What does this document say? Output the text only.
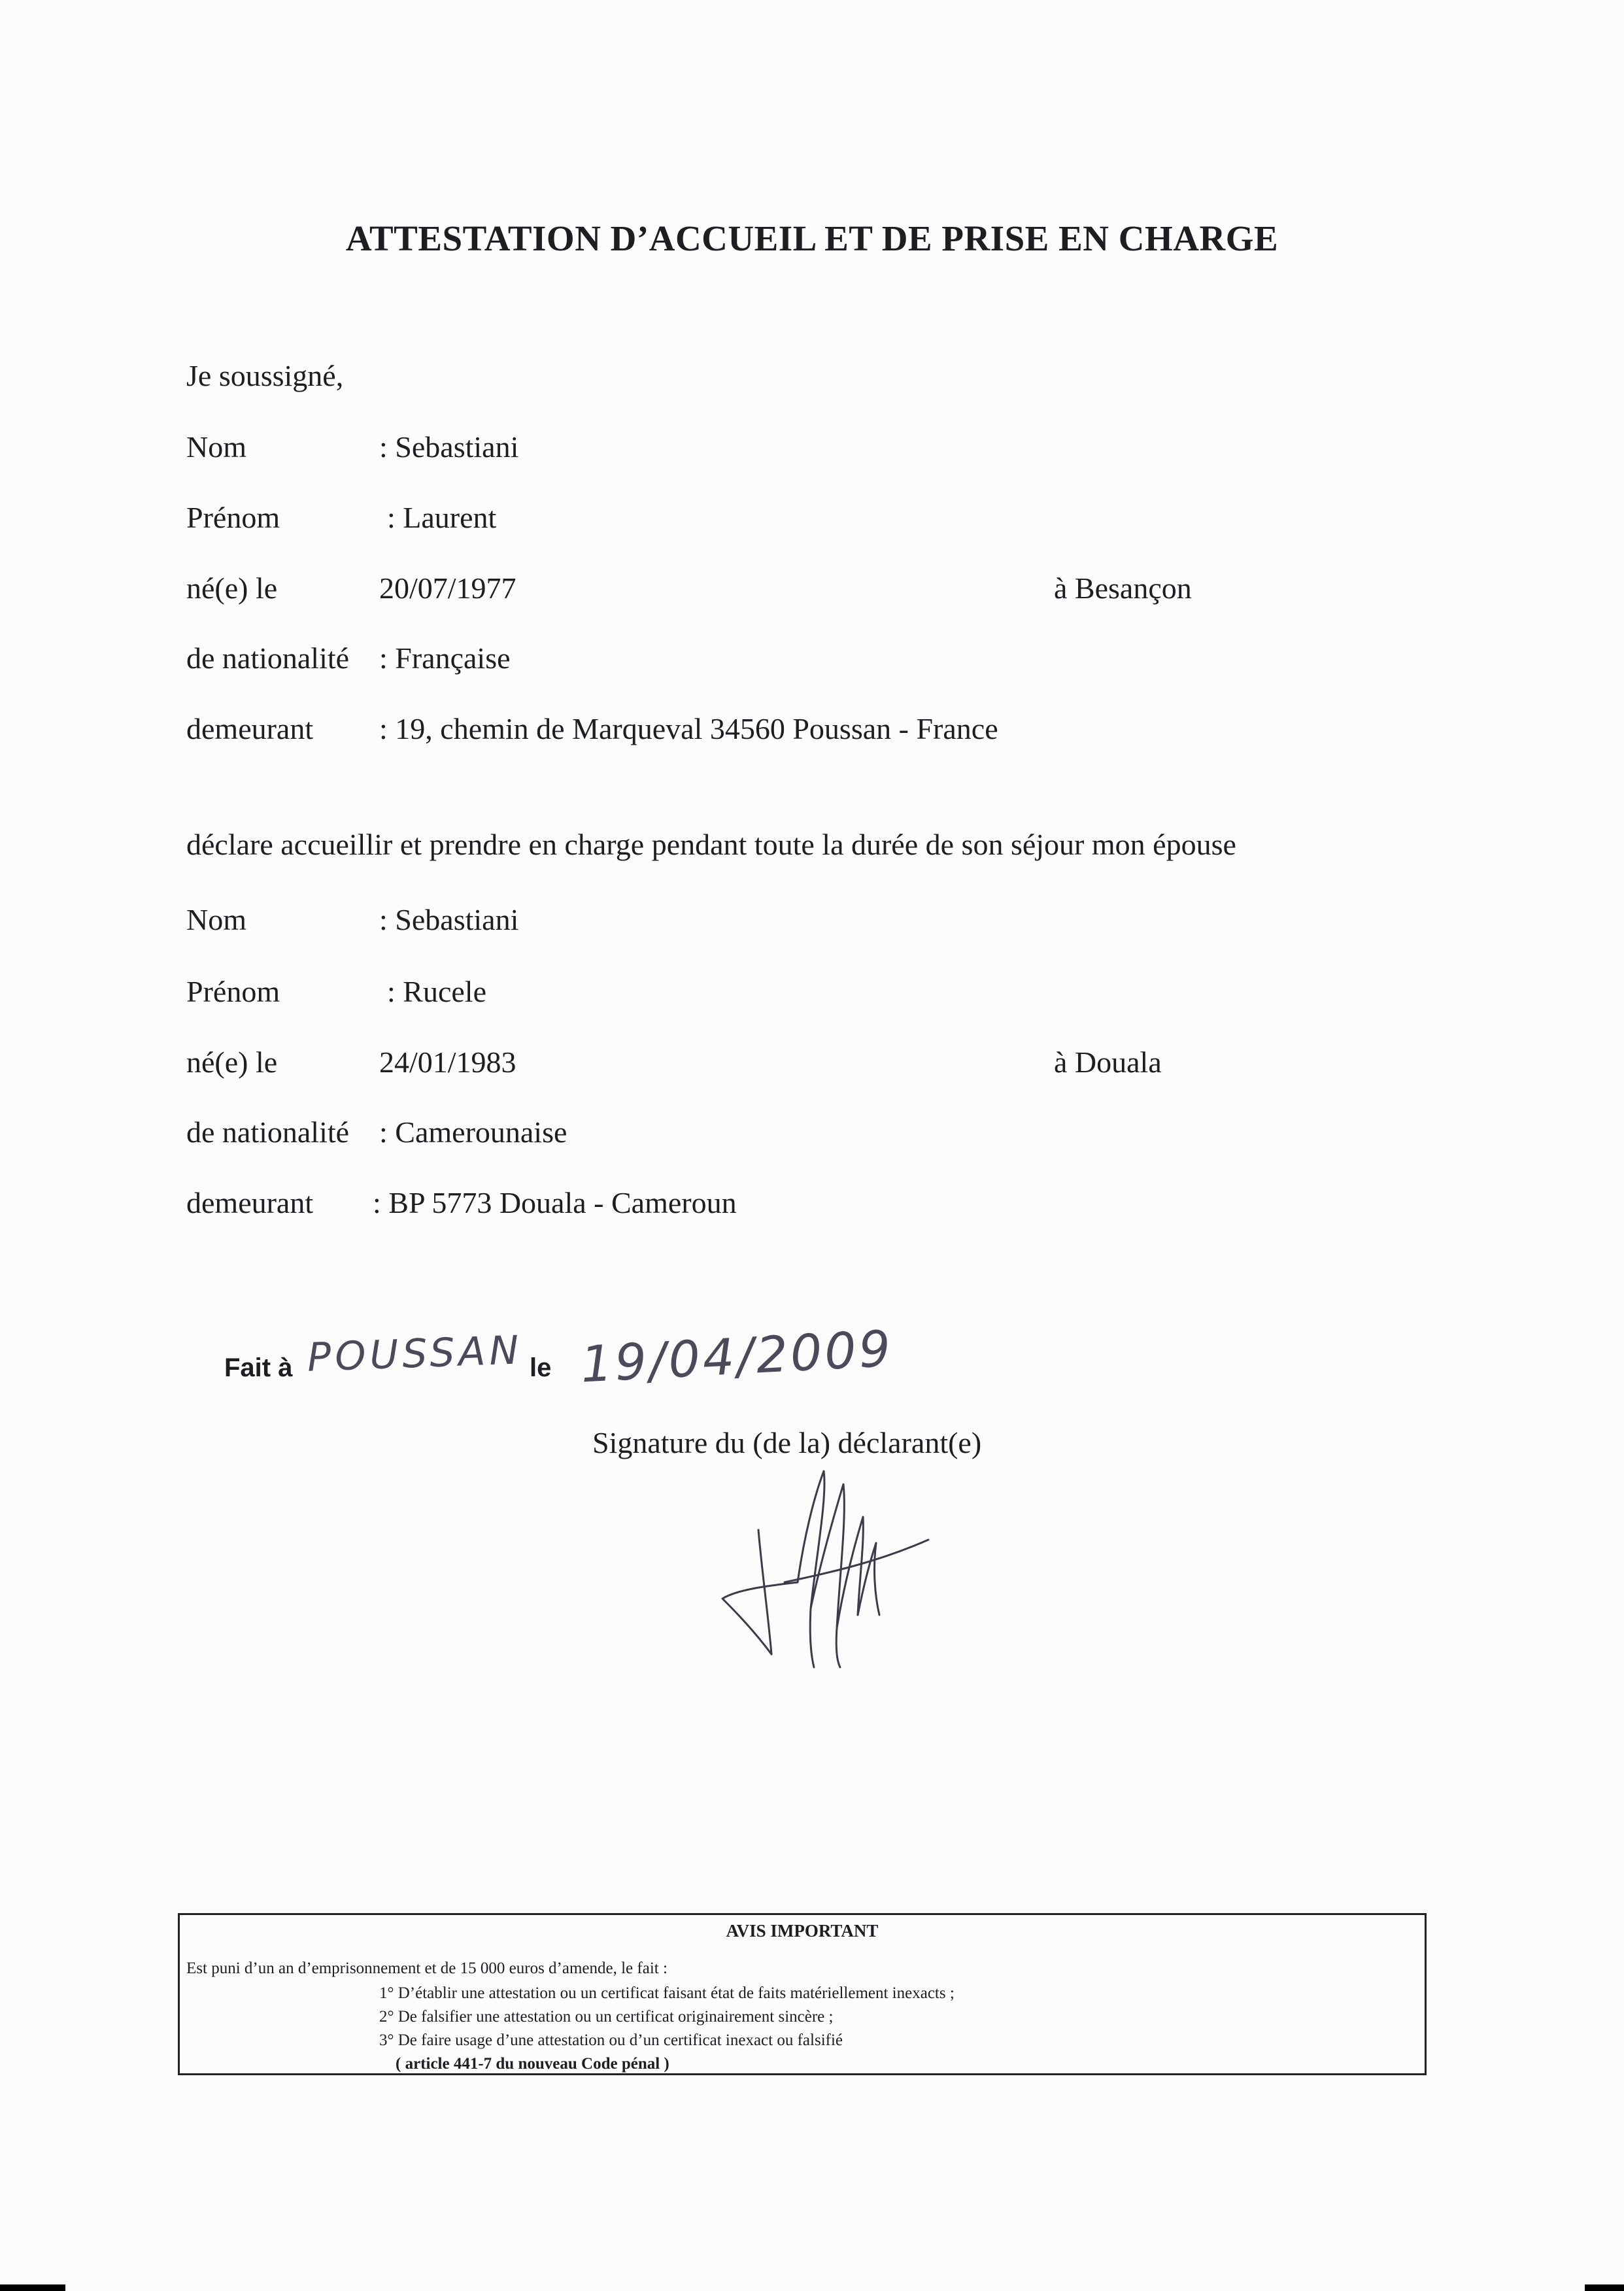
ATTESTATION D’ACCUEIL ET DE PRISE EN CHARGE
Je soussigné,
Nom	: Sebastiani
Prénom	: Laurent
né(e) le	20/07/1977	à Besançon
de nationalité : Française
demeurant : 19, chemin de Marqueval 34560 Poussan - France
déclare accueillir et prendre en charge pendant toute la durée de son séjour mon épouse
Nom	: Sebastiani
Prénom	: Rucele
né(e) le	24/01/1983	à Douala
de nationalité : Camerounaise
demeurant : BP 5773 Douala - Cameroun
Fait à POUSSAN le 19/04/2009
Signature du (de la) déclarant(e)
AVIS IMPORTANT
Est puni d’un an d’emprisonnement et de 15 000 euros d’amende, le fait :
1° D’établir une attestation ou un certificat faisant état de faits matériellement inexacts ;
2° De falsifier une attestation ou un certificat originairement sincère ;
3° De faire usage d’une attestation ou d’un certificat inexact ou falsifié
( article 441-7 du nouveau Code pénal )
